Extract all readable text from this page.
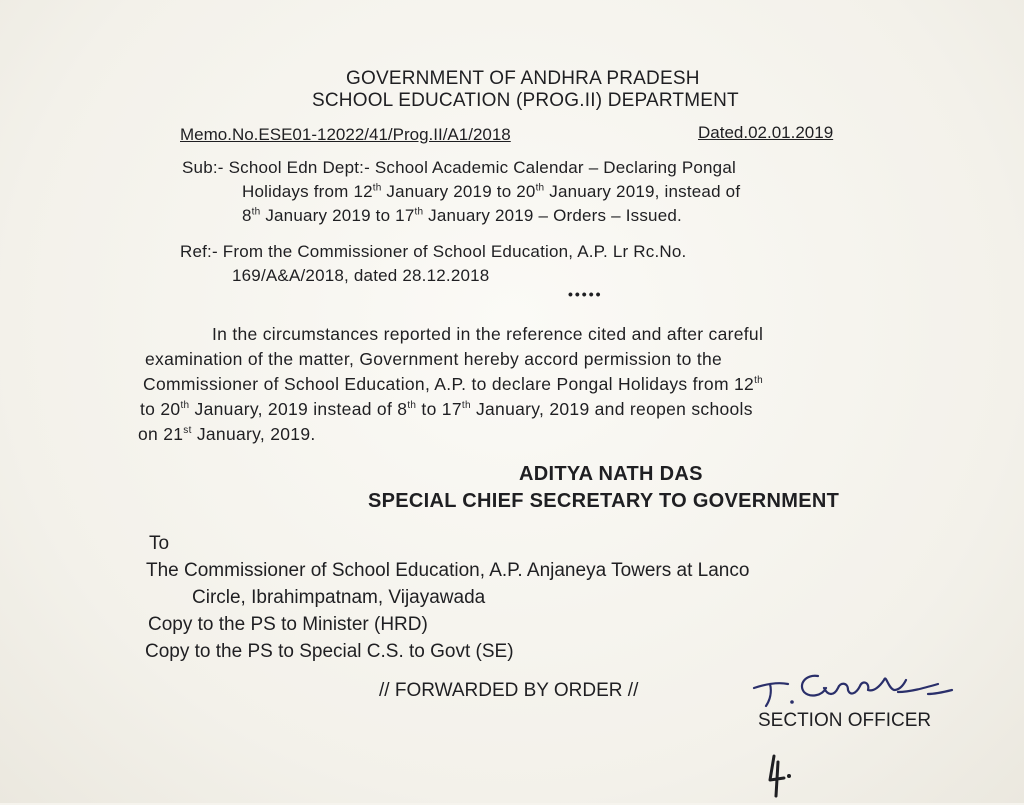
GOVERNMENT OF ANDHRA PRADESH
SCHOOL EDUCATION (PROG.II) DEPARTMENT
Memo.No.ESE01-12022/41/Prog.II/A1/2018	Dated.02.01.2019
Sub:- School Edn Dept:- School Academic Calendar – Declaring Pongal
Holidays from 12th January 2019 to 20th January 2019, instead of
8th January 2019 to 17th January 2019 – Orders – Issued.
Ref:- From the Commissioner of School Education, A.P. Lr Rc.No.
169/A&A/2018, dated 28.12.2018
•••••
In the circumstances reported in the reference cited and after careful
examination of the matter, Government hereby accord permission to the
Commissioner of School Education, A.P. to declare Pongal Holidays from 12th
to 20th January, 2019 instead of 8th to 17th January, 2019 and reopen schools
on 21st January, 2019.
ADITYA NATH DAS
SPECIAL CHIEF SECRETARY TO GOVERNMENT
To
The Commissioner of School Education, A.P. Anjaneya Towers at Lanco
Circle, Ibrahimpatnam, Vijayawada
Copy to the PS to Minister (HRD)
Copy to the PS to Special C.S. to Govt (SE)
// FORWARDED BY ORDER //
SECTION OFFICER
